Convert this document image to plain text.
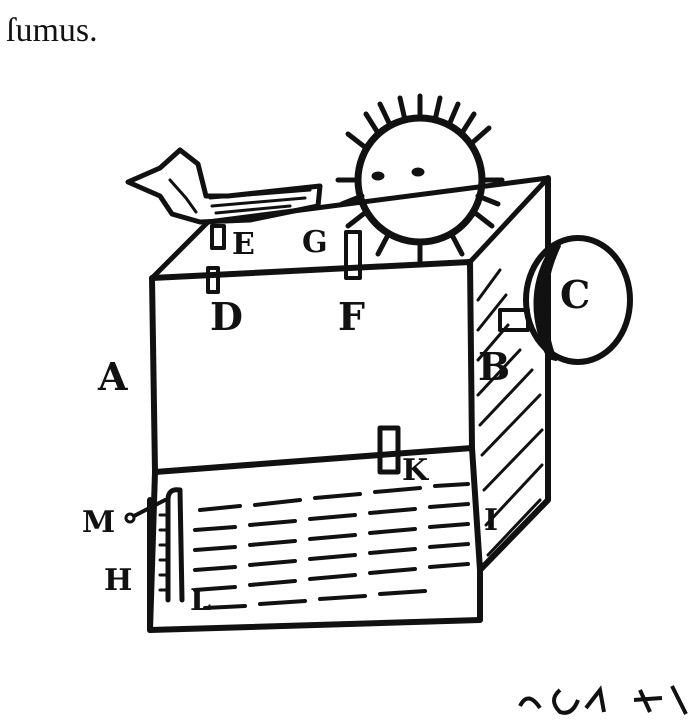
ſumus.
A	B
C
D
E
F
G
H
I
K
L
M
